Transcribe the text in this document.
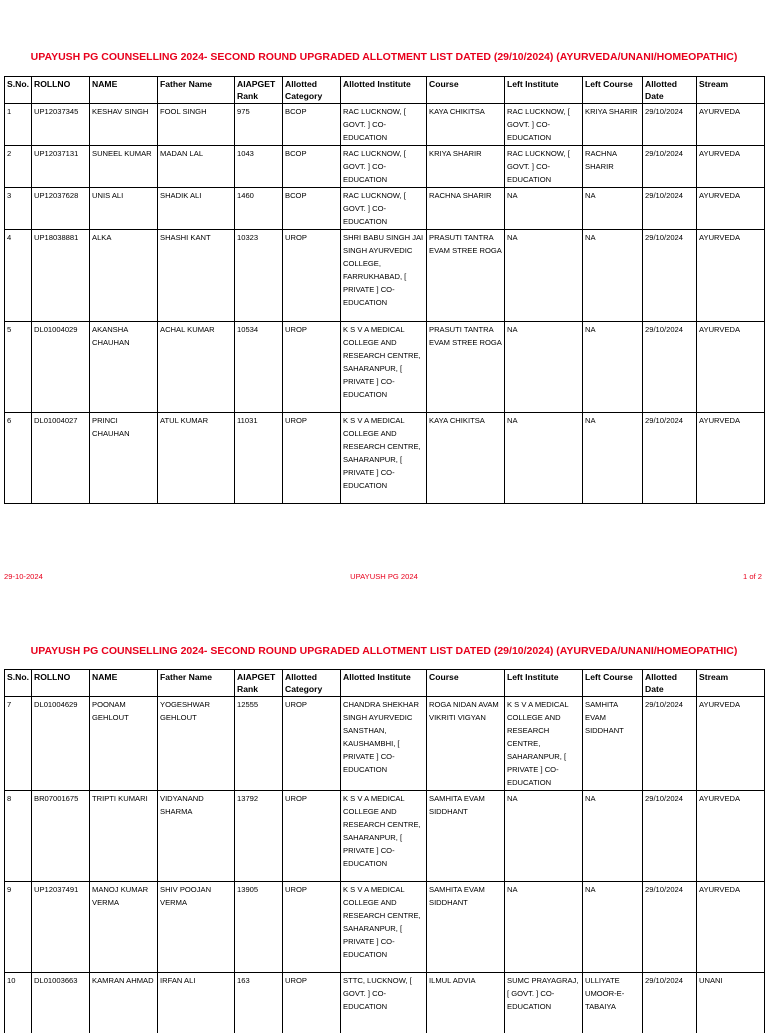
UPAYUSH PG COUNSELLING 2024- SECOND ROUND UPGRADED ALLOTMENT LIST DATED (29/10/2024) (AYURVEDA/UNANI/HOMEOPATHIC)
S.No.	ROLLNO	NAME	Father Name	AIAPGET Rank	Allotted Category	Allotted Institute	Course	Left Institute	Left Course	Allotted Date	Stream
1	UP12037345	KESHAV SINGH	FOOL SINGH	975	BCOP	RAC LUCKNOW, [ GOVT. ] CO-EDUCATION	KAYA CHIKITSA	RAC LUCKNOW, [ GOVT. ] CO-EDUCATION	KRIYA SHARIR	29/10/2024	AYURVEDA
2	UP12037131	SUNEEL KUMAR	MADAN LAL	1043	BCOP	RAC LUCKNOW, [ GOVT. ] CO-EDUCATION	KRIYA SHARIR	RAC LUCKNOW, [ GOVT. ] CO-EDUCATION	RACHNA SHARIR	29/10/2024	AYURVEDA
3	UP12037628	UNIS ALI	SHADIK ALI	1460	BCOP	RAC LUCKNOW, [ GOVT. ] CO-EDUCATION	RACHNA SHARIR	NA	NA	29/10/2024	AYURVEDA
4	UP18038881	ALKA	SHASHI KANT	10323	UROP	SHRI BABU SINGH JAI SINGH AYURVEDIC COLLEGE, FARRUKHABAD, [ PRIVATE ] CO-EDUCATION	PRASUTI TANTRA EVAM STREE ROGA	NA	NA	29/10/2024	AYURVEDA
5	DL01004029	AKANSHA CHAUHAN	ACHAL KUMAR	10534	UROP	K S V A MEDICAL COLLEGE AND RESEARCH CENTRE, SAHARANPUR, [ PRIVATE ] CO-EDUCATION	PRASUTI TANTRA EVAM STREE ROGA	NA	NA	29/10/2024	AYURVEDA
6	DL01004027	PRINCI CHAUHAN	ATUL KUMAR	11031	UROP	K S V A MEDICAL COLLEGE AND RESEARCH CENTRE, SAHARANPUR, [ PRIVATE ] CO-EDUCATION	KAYA CHIKITSA	NA	NA	29/10/2024	AYURVEDA
29-10-2024	UPAYUSH PG 2024	1 of 2
UPAYUSH PG COUNSELLING 2024- SECOND ROUND UPGRADED ALLOTMENT LIST DATED (29/10/2024) (AYURVEDA/UNANI/HOMEOPATHIC)
S.No.	ROLLNO	NAME	Father Name	AIAPGET Rank	Allotted Category	Allotted Institute	Course	Left Institute	Left Course	Allotted Date	Stream
7	DL01004629	POONAM GEHLOUT	YOGESHWAR GEHLOUT	12555	UROP	CHANDRA SHEKHAR SINGH AYURVEDIC SANSTHAN, KAUSHAMBHI, [ PRIVATE ] CO-EDUCATION	ROGA NIDAN AVAM VIKRITI VIGYAN	K S V A MEDICAL COLLEGE AND RESEARCH CENTRE, SAHARANPUR, [ PRIVATE ] CO-EDUCATION	SAMHITA EVAM SIDDHANT	29/10/2024	AYURVEDA
8	BR07001675	TRIPTI KUMARI	VIDYANAND SHARMA	13792	UROP	K S V A MEDICAL COLLEGE AND RESEARCH CENTRE, SAHARANPUR, [ PRIVATE ] CO-EDUCATION	SAMHITA EVAM SIDDHANT	NA	NA	29/10/2024	AYURVEDA
9	UP12037491	MANOJ KUMAR VERMA	SHIV POOJAN VERMA	13905	UROP	K S V A MEDICAL COLLEGE AND RESEARCH CENTRE, SAHARANPUR, [ PRIVATE ] CO-EDUCATION	SAMHITA EVAM SIDDHANT	NA	NA	29/10/2024	AYURVEDA
10	DL01003663	KAMRAN AHMAD	IRFAN ALI	163	UROP	STTC, LUCKNOW, [ GOVT. ] CO-EDUCATION	ILMUL ADVIA	SUMC PRAYAGRAJ, [ GOVT. ] CO-EDUCATION	ULLIYATE UMOOR-E-TABAIYA	29/10/2024	UNANI
